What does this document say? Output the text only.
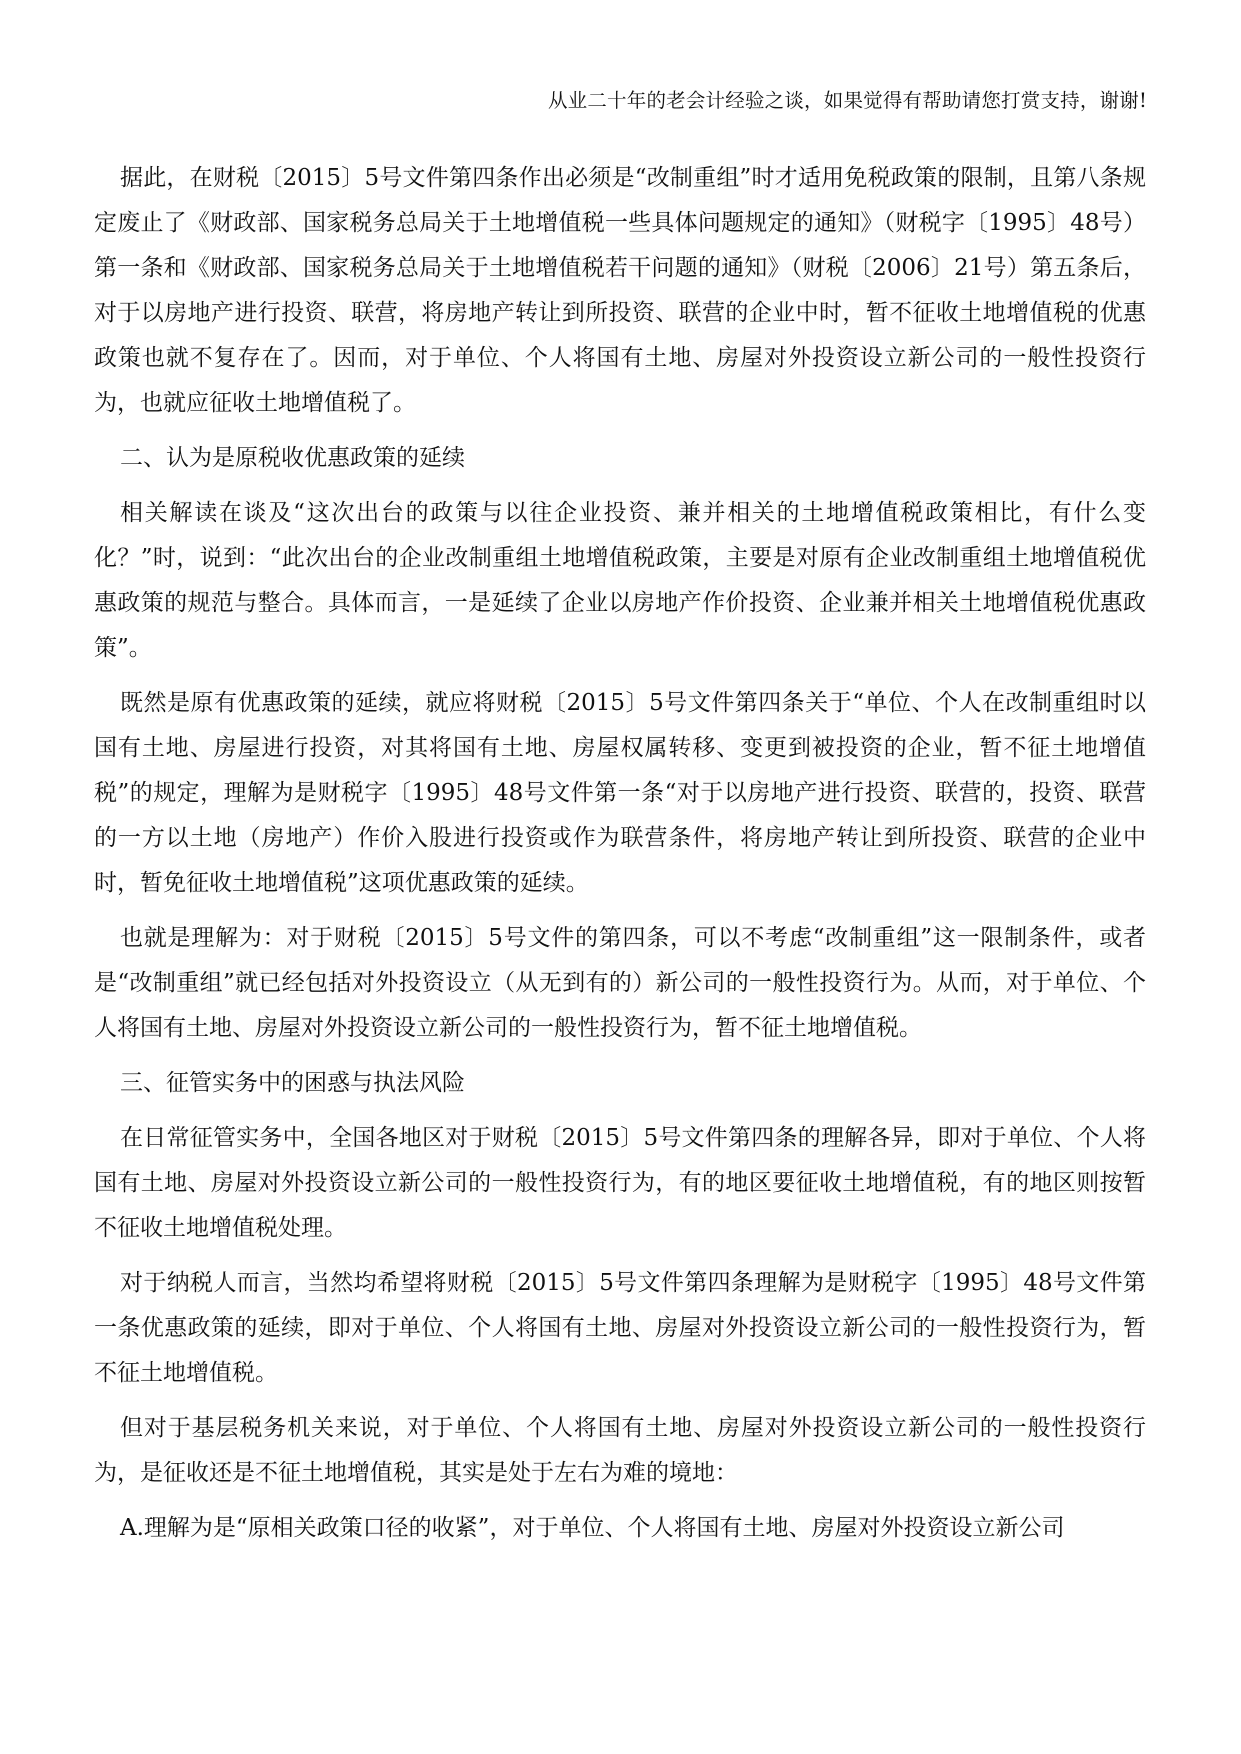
从业二十年的老会计经验之谈，如果觉得有帮助请您打赏支持，谢谢!

据此，在财税〔2015〕5号文件第四条作出必须是“改制重组”时才适用免税政策的限制，且第八条规定废止了《财政部、国家税务总局关于土地增值税一些具体问题规定的通知》（财税字〔1995〕48号）第一条和《财政部、国家税务总局关于土地增值税若干问题的通知》（财税〔2006〕21号）第五条后，对于以房地产进行投资、联营，将房地产转让到所投资、联营的企业中时，暂不征收土地增值税的优惠政策也就不复存在了。因而，对于单位、个人将国有土地、房屋对外投资设立新公司的一般性投资行为，也就应征收土地增值税了。

二、认为是原税收优惠政策的延续

相关解读在谈及“这次出台的政策与以往企业投资、兼并相关的土地增值税政策相比，有什么变化？”时，说到：“此次出台的企业改制重组土地增值税政策，主要是对原有企业改制重组土地增值税优惠政策的规范与整合。具体而言，一是延续了企业以房地产作价投资、企业兼并相关土地增值税优惠政策”。

既然是原有优惠政策的延续，就应将财税〔2015〕5号文件第四条关于“单位、个人在改制重组时以国有土地、房屋进行投资，对其将国有土地、房屋权属转移、变更到被投资的企业，暂不征土地增值税”的规定，理解为是财税字〔1995〕48号文件第一条“对于以房地产进行投资、联营的，投资、联营的一方以土地（房地产）作价入股进行投资或作为联营条件，将房地产转让到所投资、联营的企业中时，暂免征收土地增值税”这项优惠政策的延续。

也就是理解为：对于财税〔2015〕5号文件的第四条，可以不考虑“改制重组”这一限制条件，或者是“改制重组”就已经包括对外投资设立（从无到有的）新公司的一般性投资行为。从而，对于单位、个人将国有土地、房屋对外投资设立新公司的一般性投资行为，暂不征土地增值税。

三、征管实务中的困惑与执法风险

在日常征管实务中，全国各地区对于财税〔2015〕5号文件第四条的理解各异，即对于单位、个人将国有土地、房屋对外投资设立新公司的一般性投资行为，有的地区要征收土地增值税，有的地区则按暂不征收土地增值税处理。

对于纳税人而言，当然均希望将财税〔2015〕5号文件第四条理解为是财税字〔1995〕48号文件第一条优惠政策的延续，即对于单位、个人将国有土地、房屋对外投资设立新公司的一般性投资行为，暂不征土地增值税。

但对于基层税务机关来说，对于单位、个人将国有土地、房屋对外投资设立新公司的一般性投资行为，是征收还是不征土地增值税，其实是处于左右为难的境地：

A.理解为是“原相关政策口径的收紧”，对于单位、个人将国有土地、房屋对外投资设立新公司
